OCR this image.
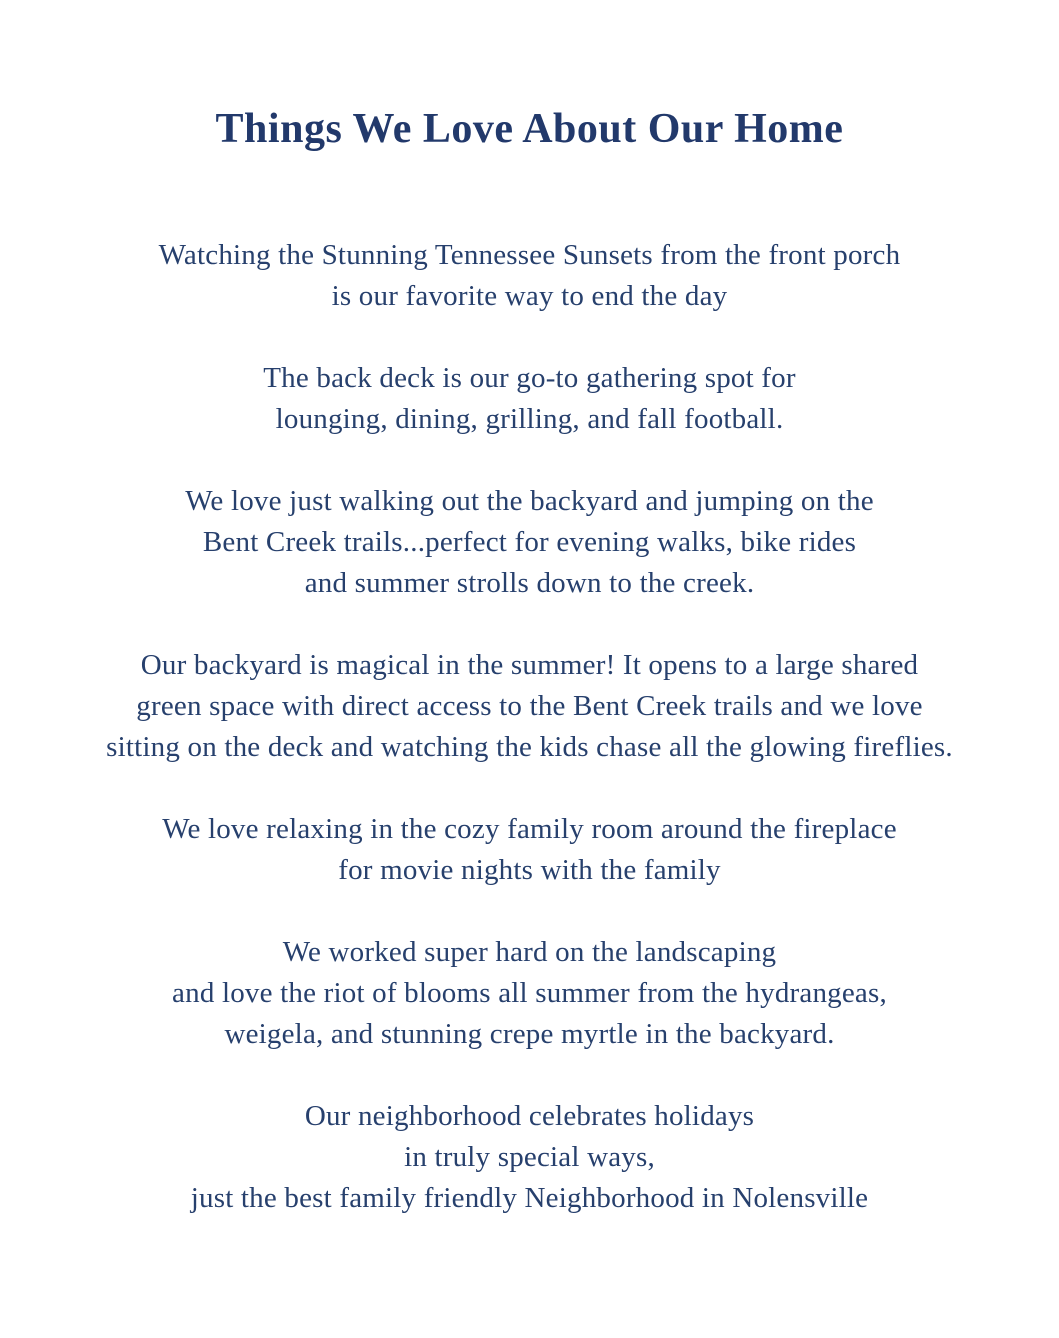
Things We Love About Our Home
Watching the Stunning Tennessee Sunsets from the front porch
is our favorite way to end the day
The back deck is our go-to gathering spot for
lounging, dining, grilling, and fall football.
We love just walking out the backyard and jumping on the
Bent Creek trails...perfect for evening walks, bike rides
and summer strolls down to the creek.
Our backyard is magical in the summer! It opens to a large shared
green space with direct access to the Bent Creek trails and we love
sitting on the deck and watching the kids chase all the glowing fireflies.
We love relaxing in the cozy family room around the fireplace
for movie nights with the family
We worked super hard on the landscaping
and love the riot of blooms all summer from the hydrangeas,
weigela, and stunning crepe myrtle in the backyard.
Our neighborhood celebrates holidays
in truly special ways,
just the best family friendly Neighborhood in Nolensville
